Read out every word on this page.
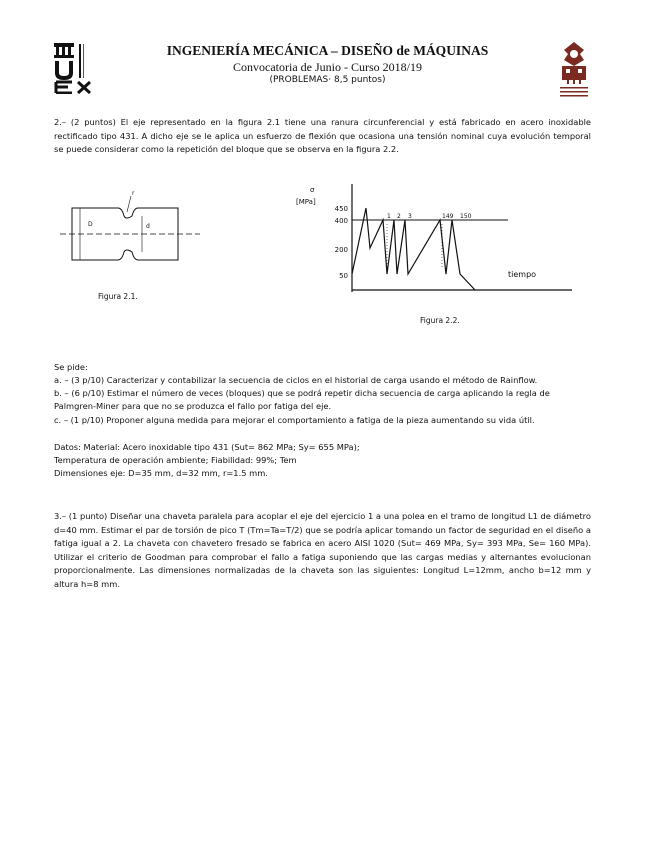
INGENIERÍA MECÁNICA – DISEÑO de MÁQUINAS
Convocatoria de Junio - Curso 2018/19
(PROBLEMAS· 8,5 puntos)
2.– (2 puntos) El eje representado en la figura 2.1 tiene una ranura circunferencial y está fabricado en acero inoxidable rectificado tipo 431. A dicho eje se le aplica un esfuerzo de flexión que ocasiona una tensión nominal cuya evolución temporal se puede considerar como la repetición del bloque que se observa en la figura 2.2.
D	d
r
Figura 2.1.
σ
[MPa]
tiempo
450
400
200
50
1 2 3	149 150
Figura 2.2.
Se pide:
a. – (3 p/10) Caracterizar y contabilizar la secuencia de ciclos en el historial de carga usando el método de Rainflow.
b. – (6 p/10) Estimar el número de veces (bloques) que se podrá repetir dicha secuencia de carga aplicando la regla de
Palmgren-Miner para que no se produzca el fallo por fatiga del eje.
c. – (1 p/10) Proponer alguna medida para mejorar el comportamiento a fatiga de la pieza aumentando su vida útil.
Datos: Material: Acero inoxidable tipo 431 (Sut= 862 MPa; Sy= 655 MPa);
Temperatura de operación ambiente; Fiabilidad: 99%; Tem
Dimensiones eje: D=35 mm, d=32 mm, r=1.5 mm.
3.– (1 punto) Diseñar una chaveta paralela para acoplar el eje del ejercicio 1 a una polea en el tramo de longitud L1 de diámetro d=40 mm. Estimar el par de torsión de pico T (Tm=Ta=T/2) que se podría aplicar tomando un factor de seguridad en el diseño a fatiga igual a 2. La chaveta con chavetero fresado se fabrica en acero AISI 1020 (Sut= 469 MPa, Sy= 393 MPa, Se= 160 MPa). Utilizar el criterio de Goodman para comprobar el fallo a fatiga suponiendo que las cargas medias y alternantes evolucionan proporcionalmente. Las dimensiones normalizadas de la chaveta son las siguientes: Longitud L=12mm, ancho b=12 mm y altura h=8 mm.
